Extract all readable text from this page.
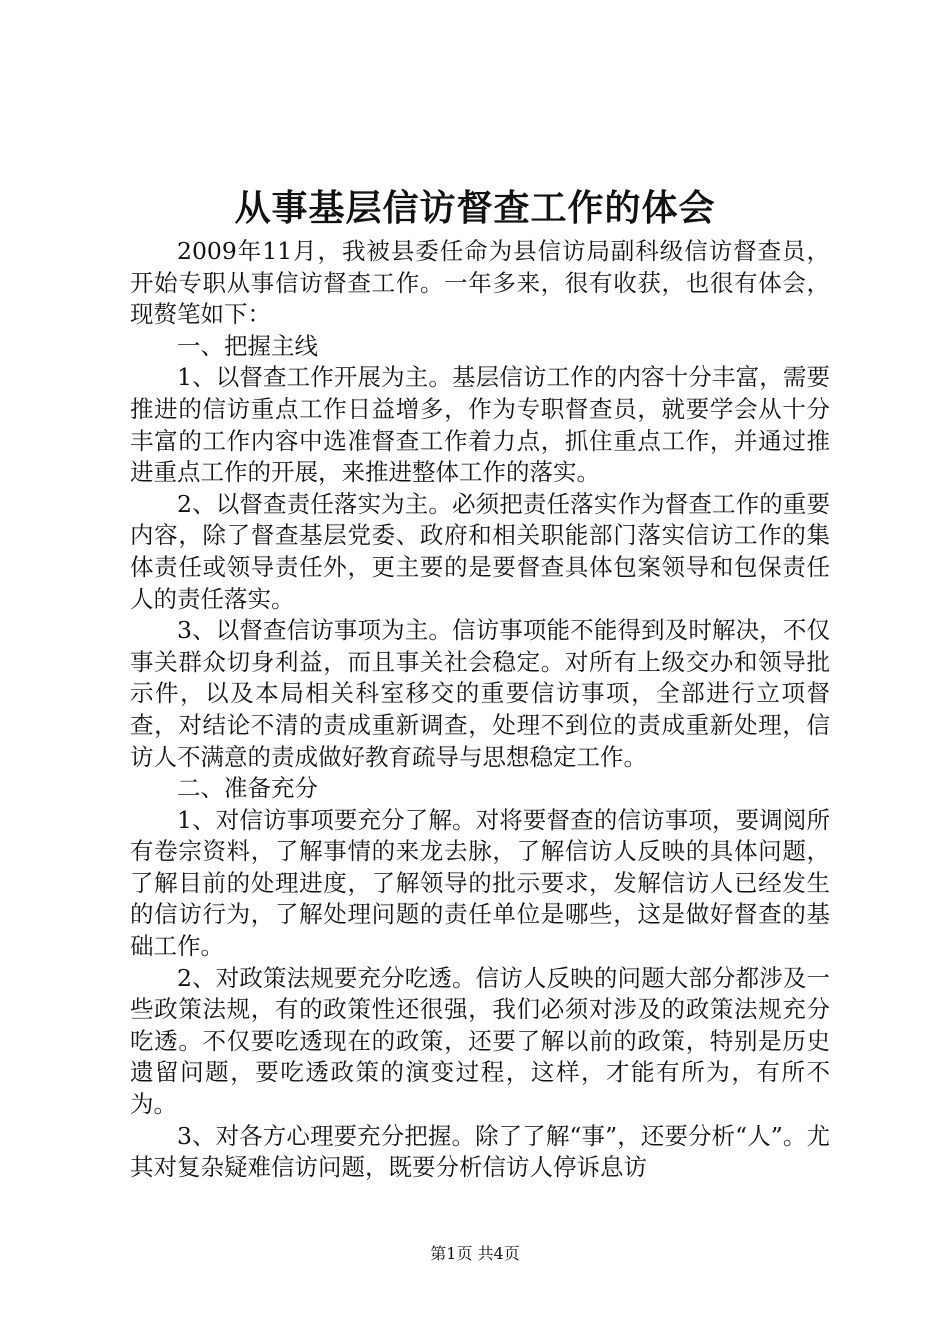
从事基层信访督查工作的体会

2009年11月，我被县委任命为县信访局副科级信访督查员，开始专职从事信访督查工作。一年多来，很有收获，也很有体会，现赘笔如下：

一、把握主线

1、以督查工作开展为主。基层信访工作的内容十分丰富，需要推进的信访重点工作日益增多，作为专职督查员，就要学会从十分丰富的工作内容中选准督查工作着力点，抓住重点工作，并通过推进重点工作的开展，来推进整体工作的落实。

2、以督查责任落实为主。必须把责任落实作为督查工作的重要内容，除了督查基层党委、政府和相关职能部门落实信访工作的集体责任或领导责任外，更主要的是要督查具体包案领导和包保责任人的责任落实。

3、以督查信访事项为主。信访事项能不能得到及时解决，不仅事关群众切身利益，而且事关社会稳定。对所有上级交办和领导批示件，以及本局相关科室移交的重要信访事项，全部进行立项督查，对结论不清的责成重新调查，处理不到位的责成重新处理，信访人不满意的责成做好教育疏导与思想稳定工作。

二、准备充分

1、对信访事项要充分了解。对将要督查的信访事项，要调阅所有卷宗资料，了解事情的来龙去脉，了解信访人反映的具体问题，了解目前的处理进度，了解领导的批示要求，发解信访人已经发生的信访行为，了解处理问题的责任单位是哪些，这是做好督查的基础工作。

2、对政策法规要充分吃透。信访人反映的问题大部分都涉及一些政策法规，有的政策性还很强，我们必须对涉及的政策法规充分吃透。不仅要吃透现在的政策，还要了解以前的政策，特别是历史遗留问题，要吃透政策的演变过程，这样，才能有所为，有所不为。

3、对各方心理要充分把握。除了了解“事”，还要分析“人”。尤其对复杂疑难信访问题，既要分析信访人停诉息访

第1页 共4页
